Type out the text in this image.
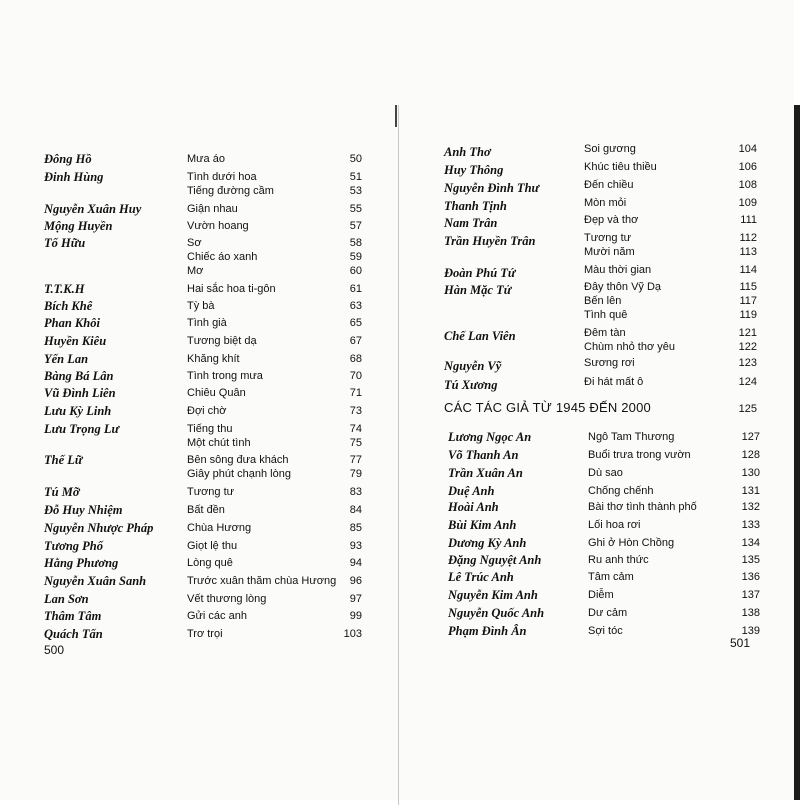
Đông Hồ	Mưa áo	50
Đinh Hùng	Tình dưới hoa	51
Tiếng đường cầm	53
Nguyễn Xuân Huy	Giận nhau	55
Mộng Huyền	Vườn hoang	57
Tố Hữu	Sơ	58
Chiếc áo xanh	59
Mơ	60
T.T.K.H	Hai sắc hoa ti-gôn	61
Bích Khê	Tỳ bà	63
Phan Khôi	Tình già	65
Huyền Kiêu	Tương biệt dạ	67
Yến Lan	Khăng khít	68
Bàng Bá Lân	Tình trong mưa	70
Vũ Đình Liên	Chiêu Quân	71
Lưu Kỳ Linh	Đợi chờ	73
Lưu Trọng Lư	Tiếng thu	74
Một chút tình	75
Thế Lữ	Bên sông đưa khách	77
Giây phút chạnh lòng	79
Tú Mỡ	Tương tư	83
Đỗ Huy Nhiệm	Bất đền	84
Nguyễn Nhược Pháp	Chùa Hương	85
Tương Phố	Giọt lệ thu	93
Hằng Phương	Lòng quê	94
Nguyễn Xuân Sanh	Trước xuân thăm chùa Hương	96
Lan Sơn	Vết thương lòng	97
Thâm Tâm	Gửi các anh	99
Quách Tấn	Trơ trọi	103
500
Anh Thơ	Soi gương	104
Huy Thông	Khúc tiêu thiều	106
Nguyễn Đình Thư	Đến chiều	108
Thanh Tịnh	Mòn mỏi	109
Nam Trân	Đẹp và thơ	111
Trần Huyền Trân	Tương tư	112
Mười năm	113
Đoàn Phú Tứ	Màu thời gian	114
Hàn Mặc Tử	Đây thôn Vỹ Dạ	115
Bến lên	117
Tình quê	119
Chế Lan Viên	Đêm tàn	121
Chùm nhỏ thơ yêu	122
Nguyễn Vỹ	Sương rơi	123
Tú Xương	Đi hát mất ô	124
CÁC TÁC GIẢ TỪ 1945 ĐẾN 2000	125
Lương Ngọc An	Ngô Tam Thương	127
Võ Thanh An	Buổi trưa trong vườn	128
Trần Xuân An	Dù sao	130
Duệ Anh	Chống chếnh	131
Hoài Anh	Bài thơ tình thành phố	132
Bùi Kim Anh	Lối hoa rơi	133
Dương Kỳ Anh	Ghi ở Hòn Chồng	134
Đặng Nguyệt Anh	Ru anh thức	135
Lê Trúc Anh	Tâm cảm	136
Nguyễn Kim Anh	Diễm	137
Nguyễn Quốc Anh	Dư cảm	138
Phạm Đình Ân	Sợi tóc	139
501
